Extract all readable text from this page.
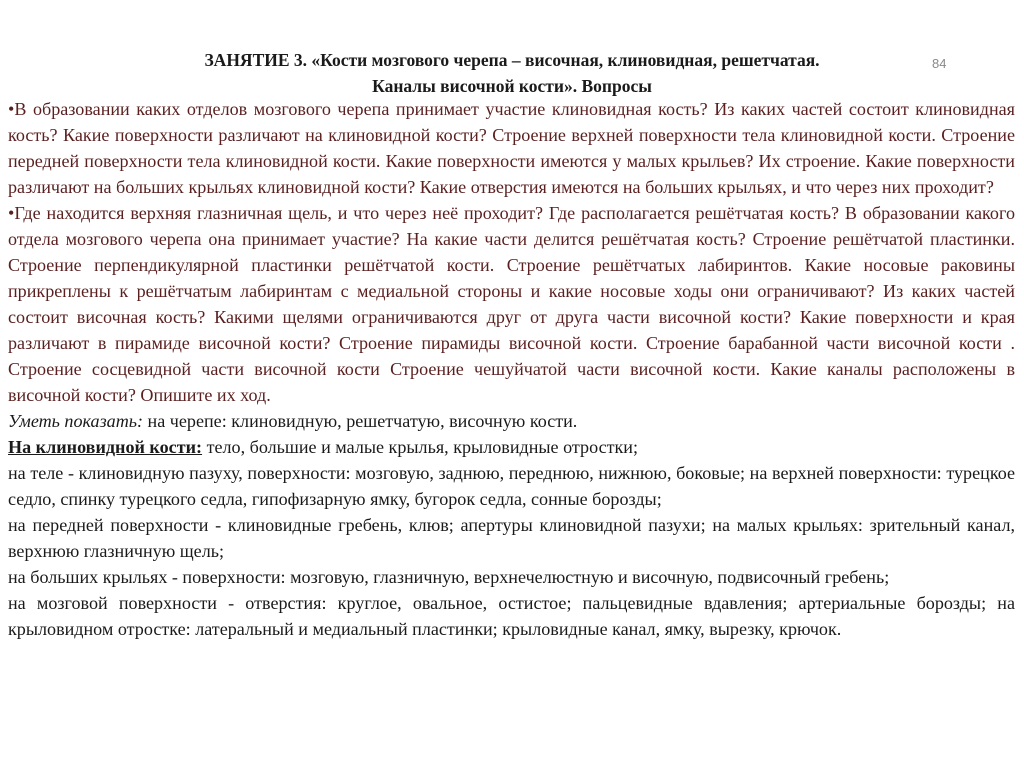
84
ЗАНЯТИЕ 3. «Кости мозгового черепа – височная, клиновидная, решетчатая.
Каналы височной кости». Вопросы

•В образовании каких отделов мозгового черепа принимает участие клиновидная кость? Из каких частей состоит клиновидная кость? Какие поверхности различают на клиновидной кости? Строение верхней поверхности тела клиновидной кости. Строение передней поверхности тела клиновидной кости. Какие поверхности имеются у малых крыльев? Их строение. Какие поверхности различают на больших крыльях клиновидной кости? Какие отверстия имеются на больших крыльях, и что через них проходит?

•Где находится верхняя глазничная щель, и что через неё проходит? Где располагается решётчатая кость? В образовании какого отдела мозгового черепа она принимает участие? На какие части делится решётчатая кость? Строение решётчатой пластинки. Строение перпендикулярной пластинки решётчатой кости. Строение решётчатых лабиринтов. Какие носовые раковины прикреплены к решётчатым лабиринтам с медиальной стороны и какие носовые ходы они ограничивают? Из каких частей состоит височная кость? Какими щелями ограничиваются друг от друга части височной кости? Какие поверхности и края различают в пирамиде височной кости? Строение пирамиды височной кости. Строение барабанной части височной кости . Строение сосцевидной части височной кости Строение чешуйчатой части височной кости. Какие каналы расположены в височной кости? Опишите их ход.

Уметь показать: на черепе: клиновидную, решетчатую, височную кости.

На клиновидной кости: тело, большие и малые крылья, крыловидные отростки;

на теле - клиновидную пазуху, поверхности: мозговую, заднюю, переднюю, нижнюю, боковые; на верхней поверхности: турецкое седло, спинку турецкого седла, гипофизарную ямку, бугорок седла, сонные борозды;

на передней поверхности - клиновидные гребень, клюв; апертуры клиновидной пазухи; на малых крыльях: зрительный канал, верхнюю глазничную щель;

на больших крыльях - поверхности: мозговую, глазничную, верхнечелюстную и височную, подвисочный гребень;

на мозговой поверхности - отверстия: круглое, овальное, остистое; пальцевидные вдавления; артериальные борозды; на крыловидном отростке: латеральный и медиальный пластинки; крыловидные канал, ямку, вырезку, крючок.
